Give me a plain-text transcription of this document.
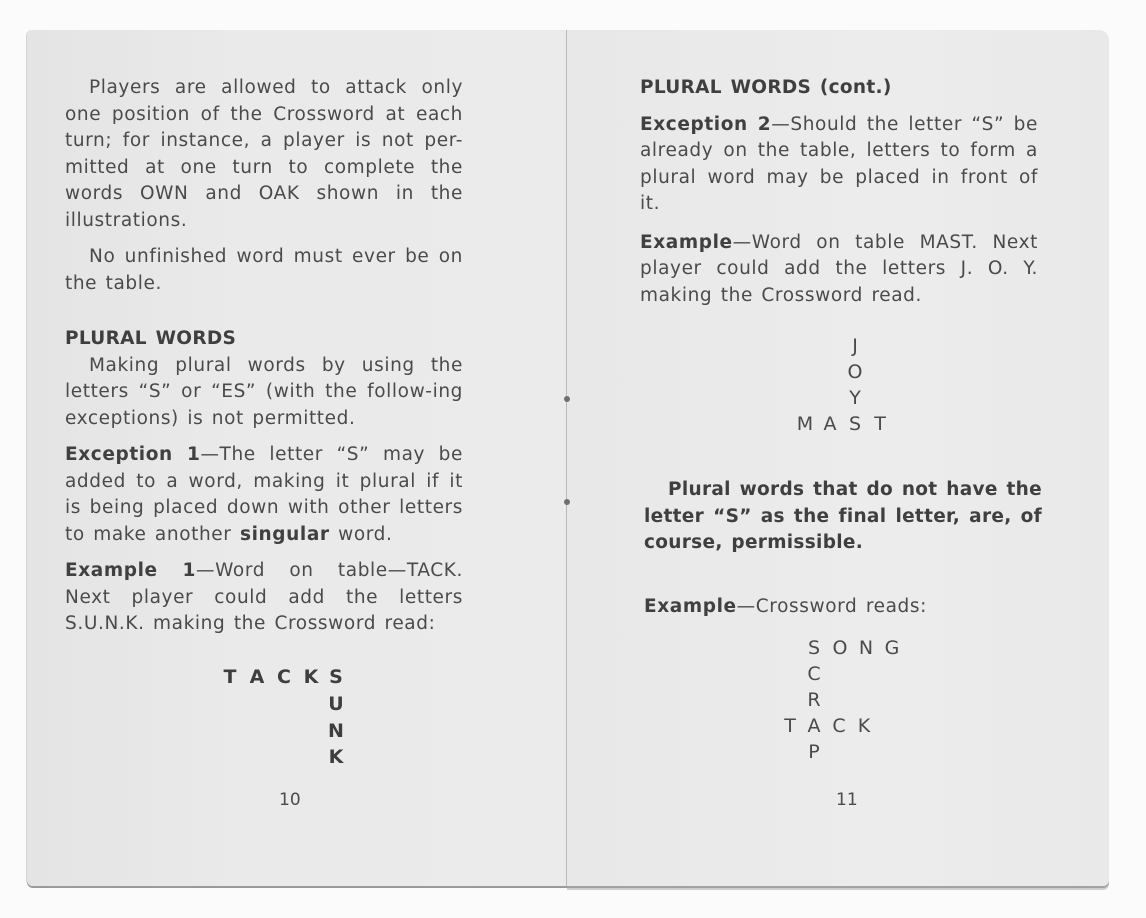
Players are allowed to attack only one position of the Crossword at each turn; for instance, a player is not per-mitted at one turn to complete the words OWN and OAK shown in the illustrations.

No unfinished word must ever be on the table.

PLURAL WORDS

Making plural words by using the letters “S” or “ES” (with the follow-ing exceptions) is not permitted.

Exception 1—The letter “S” may be added to a word, making it plural if it is being placed down with other letters to make another singular word.

Example 1—Word on table—TACK. Next player could add the letters S.U.N.K. making the Crossword read:

T A C K S
U
N
K
10
PLURAL WORDS (cont.)

Exception 2—Should the letter “S” be already on the table, letters to form a plural word may be placed in front of it.

Example—Word on table MAST. Next player could add the letters J. O. Y. making the Crossword read.

J
O
Y
M A S T

Plural words that do not have the letter “S” as the final letter, are, of course, permissible.

Example—Crossword reads:

S O N G
C
R
T A C K
P
11
